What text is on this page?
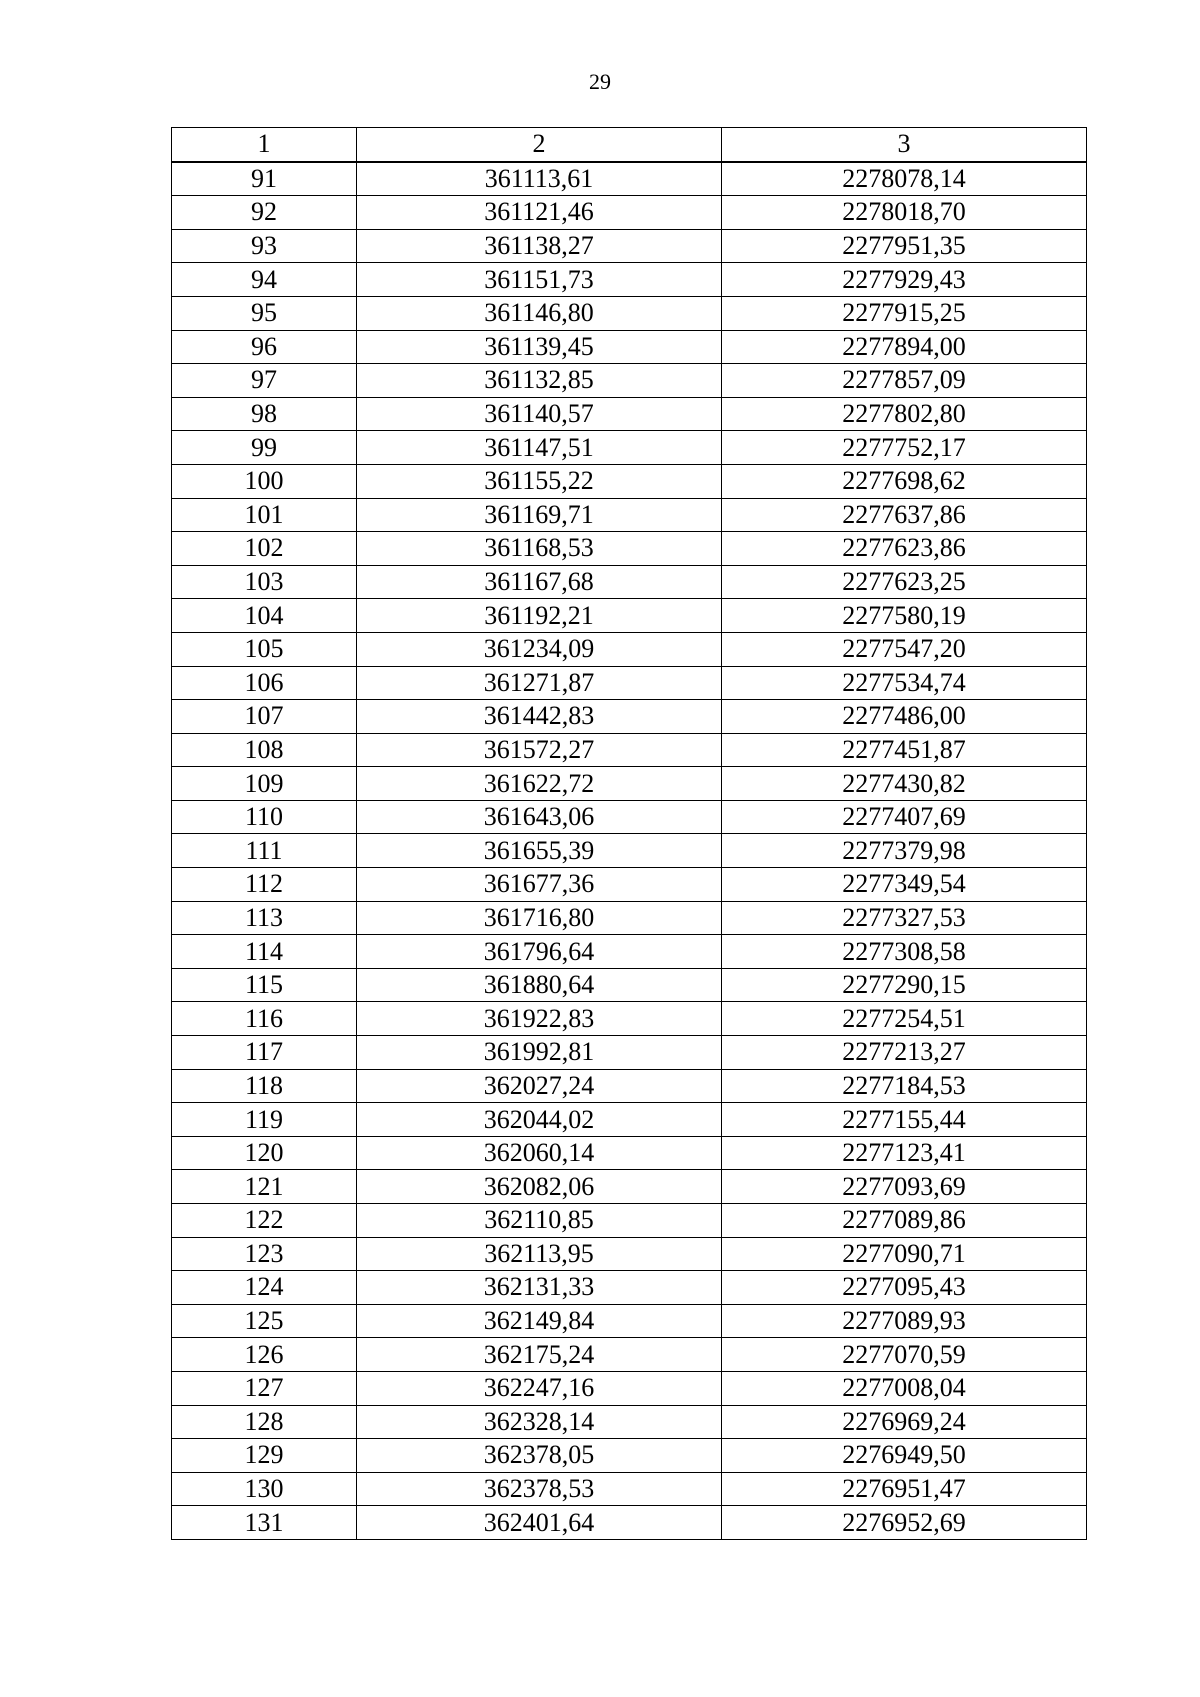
29
1	2	3
91	361113,61	2278078,14
92	361121,46	2278018,70
93	361138,27	2277951,35
94	361151,73	2277929,43
95	361146,80	2277915,25
96	361139,45	2277894,00
97	361132,85	2277857,09
98	361140,57	2277802,80
99	361147,51	2277752,17
100	361155,22	2277698,62
101	361169,71	2277637,86
102	361168,53	2277623,86
103	361167,68	2277623,25
104	361192,21	2277580,19
105	361234,09	2277547,20
106	361271,87	2277534,74
107	361442,83	2277486,00
108	361572,27	2277451,87
109	361622,72	2277430,82
110	361643,06	2277407,69
111	361655,39	2277379,98
112	361677,36	2277349,54
113	361716,80	2277327,53
114	361796,64	2277308,58
115	361880,64	2277290,15
116	361922,83	2277254,51
117	361992,81	2277213,27
118	362027,24	2277184,53
119	362044,02	2277155,44
120	362060,14	2277123,41
121	362082,06	2277093,69
122	362110,85	2277089,86
123	362113,95	2277090,71
124	362131,33	2277095,43
125	362149,84	2277089,93
126	362175,24	2277070,59
127	362247,16	2277008,04
128	362328,14	2276969,24
129	362378,05	2276949,50
130	362378,53	2276951,47
131	362401,64	2276952,69
